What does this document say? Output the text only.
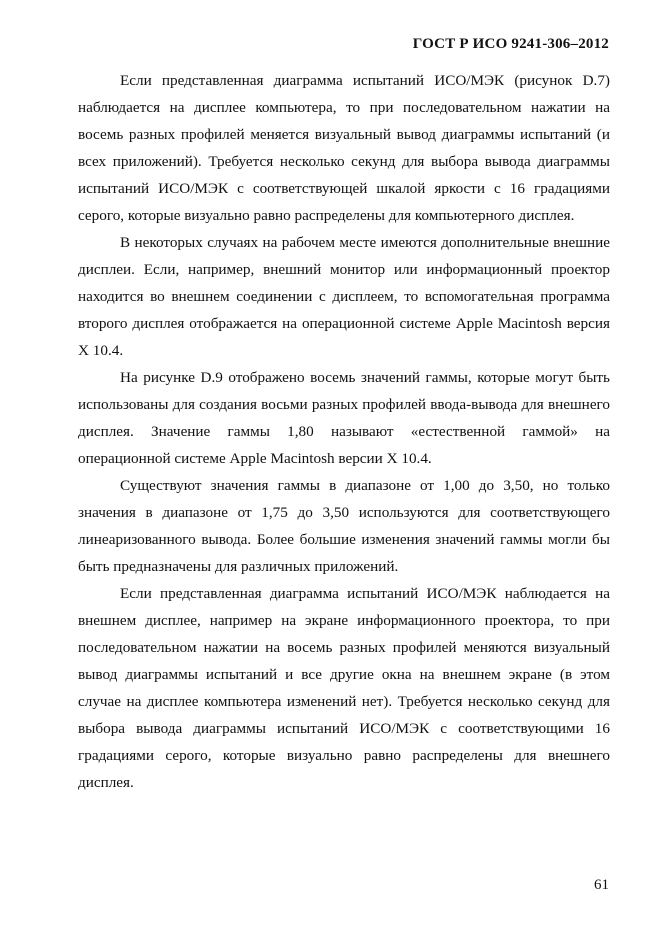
ГОСТ Р ИСО 9241-306–2012

Если представленная диаграмма испытаний ИСО/МЭК (рисунок D.7) наблюдается на дисплее компьютера, то при последовательном нажатии на восемь разных профилей меняется визуальный вывод диаграммы испытаний (и всех приложений). Требуется несколько секунд для выбора вывода диаграммы испытаний ИСО/МЭК с соответствующей шкалой яркости с 16 градациями серого, которые визуально равно распределены для компьютерного дисплея.

В некоторых случаях на рабочем месте имеются дополнительные внешние дисплеи. Если, например, внешний монитор или информационный проектор находится во внешнем соединении с дисплеем, то вспомогательная программа второго дисплея отображается на операционной системе Apple Macintosh версия X 10.4.

На рисунке D.9 отображено восемь значений гаммы, которые могут быть использованы для создания восьми разных профилей ввода-вывода для внешнего дисплея. Значение гаммы 1,80 называют «естественной гаммой» на операционной системе Apple Macintosh версии X 10.4.

Существуют значения гаммы в диапазоне от 1,00 до 3,50, но только значения в диапазоне от 1,75 до 3,50 используются для соответствующего линеаризованного вывода. Более большие изменения значений гаммы могли бы быть предназначены для различных приложений.

Если представленная диаграмма испытаний ИСО/МЭК наблюдается на внешнем дисплее, например на экране информационного проектора, то при последовательном нажатии на восемь разных профилей меняются визуальный вывод диаграммы испытаний и все другие окна на внешнем экране (в этом случае на дисплее компьютера изменений нет). Требуется несколько секунд для выбора вывода диаграммы испытаний ИСО/МЭК с соответствующими 16 градациями серого, которые визуально равно распределены для внешнего дисплея.

61
